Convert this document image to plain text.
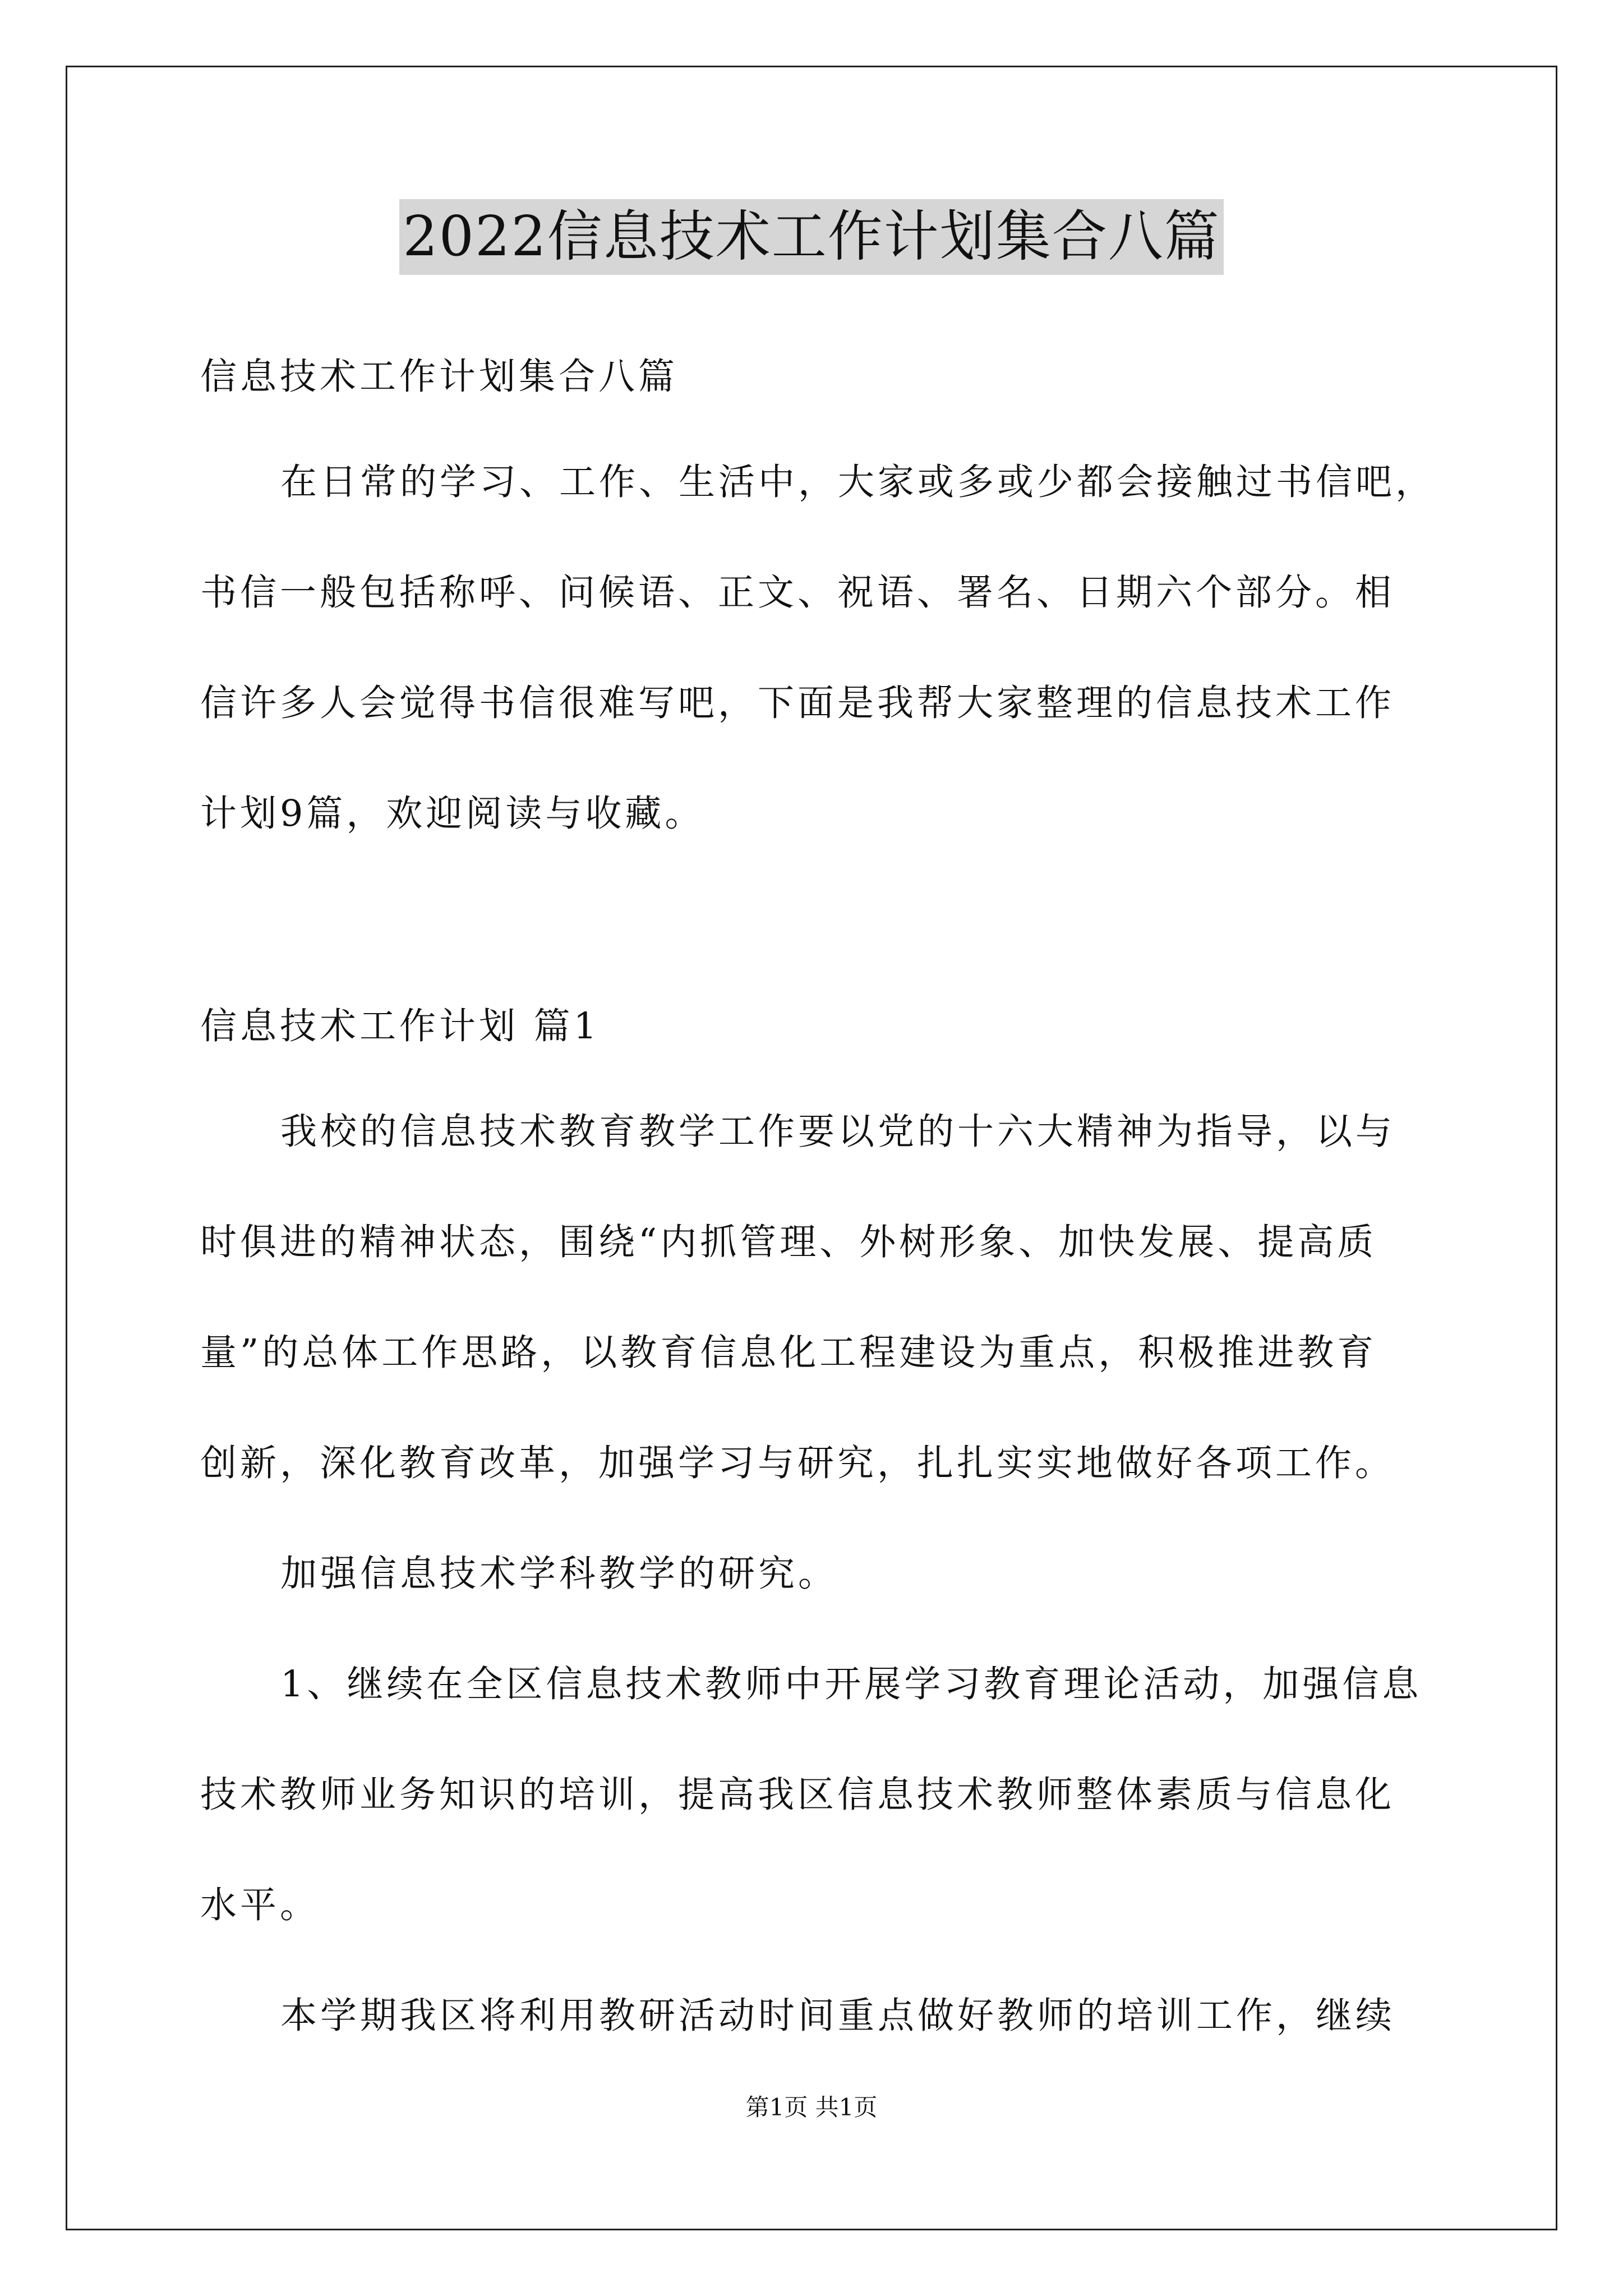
2022信息技术工作计划集合八篇
信息技术工作计划集合八篇
在日常的学习、工作、生活中，大家或多或少都会接触过书信吧，
书信一般包括称呼、问候语、正文、祝语、署名、日期六个部分。相
信许多人会觉得书信很难写吧，下面是我帮大家整理的信息技术工作
计划9篇，欢迎阅读与收藏。
信息技术工作计划 篇1
我校的信息技术教育教学工作要以党的十六大精神为指导，以与
时俱进的精神状态，围绕“内抓管理、外树形象、加快发展、提高质
量”的总体工作思路，以教育信息化工程建设为重点，积极推进教育
创新，深化教育改革，加强学习与研究，扎扎实实地做好各项工作。
加强信息技术学科教学的研究。
1、继续在全区信息技术教师中开展学习教育理论活动，加强信息
技术教师业务知识的培训，提高我区信息技术教师整体素质与信息化
水平。
本学期我区将利用教研活动时间重点做好教师的培训工作，继续
第1页 共1页
